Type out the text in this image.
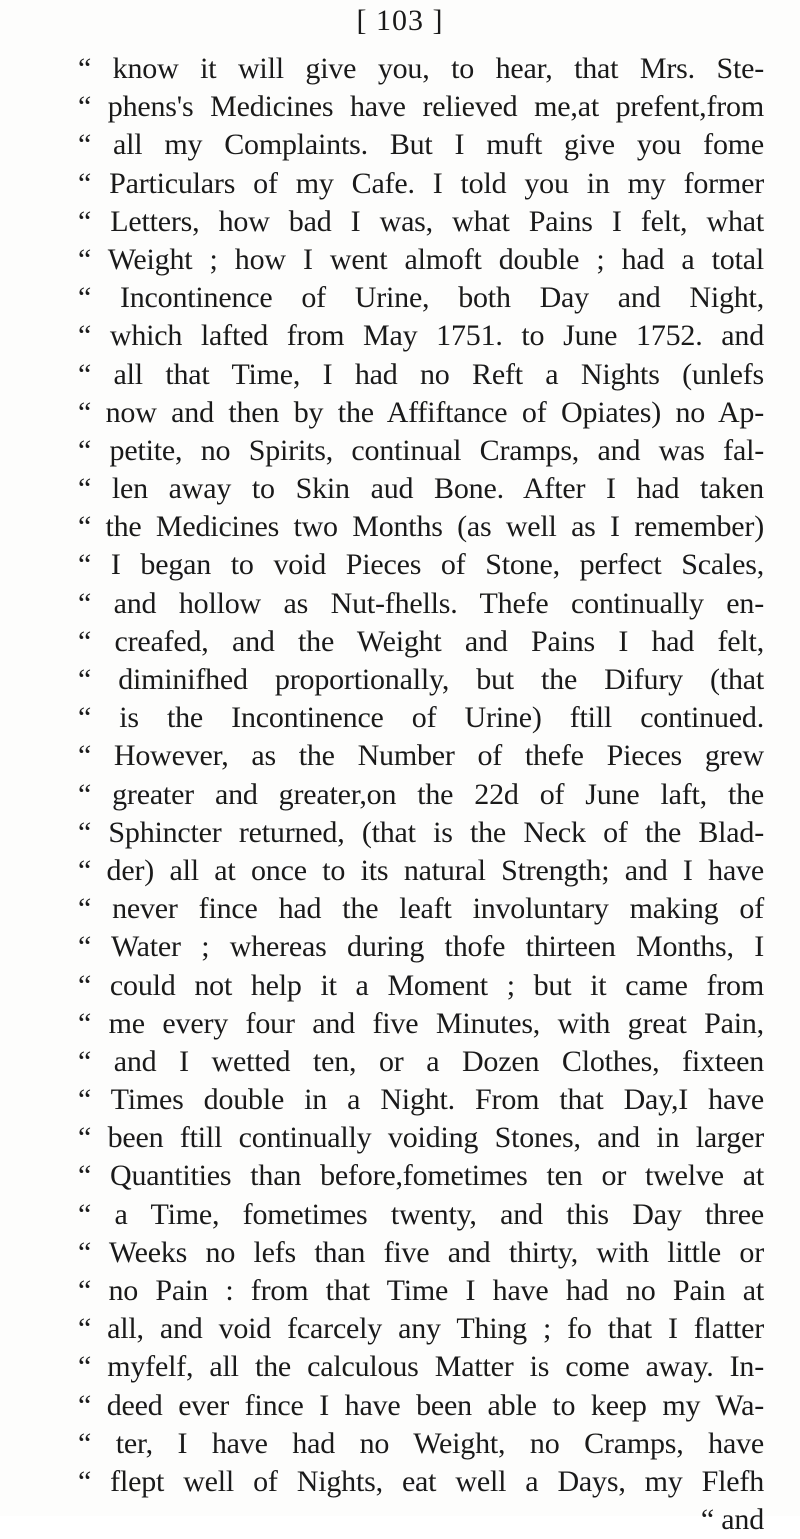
[ 103 ]
“ know it will give you, to hear, that Mrs. Ste-
“ phens's Medicines have relieved me,at prefent,from
“ all my Complaints. But I muft give you fome
“ Particulars of my Cafe. I told you in my former
“ Letters, how bad I was, what Pains I felt, what
“ Weight ; how I went almoft double ; had a total
“ Incontinence of Urine, both Day and Night,
“ which lafted from May 1751. to June 1752. and
“ all that Time, I had no Reft a Nights (unlefs
“ now and then by the Affiftance of Opiates) no Ap-
“ petite, no Spirits, continual Cramps, and was fal-
“ len away to Skin aud Bone. After I had taken
“ the Medicines two Months (as well as I remember)
“ I began to void Pieces of Stone, perfect Scales,
“ and hollow as Nut-fhells. Thefe continually en-
“ creafed, and the Weight and Pains I had felt,
“ diminifhed proportionally, but the Difury (that
“ is the Incontinence of Urine) ftill continued.
“ However, as the Number of thefe Pieces grew
“ greater and greater,on the 22d of June laft, the
“ Sphincter returned, (that is the Neck of the Blad-
“ der) all at once to its natural Strength; and I have
“ never fince had the leaft involuntary making of
“ Water ; whereas during thofe thirteen Months, I
“ could not help it a Moment ; but it came from
“ me every four and five Minutes, with great Pain,
“ and I wetted ten, or a Dozen Clothes, fixteen
“ Times double in a Night. From that Day,I have
“ been ftill continually voiding Stones, and in larger
“ Quantities than before,fometimes ten or twelve at
“ a Time, fometimes twenty, and this Day three
“ Weeks no lefs than five and thirty, with little or
“ no Pain : from that Time I have had no Pain at
“ all, and void fcarcely any Thing ; fo that I flatter
“ myfelf, all the calculous Matter is come away. In-
“ deed ever fince I have been able to keep my Wa-
“ ter, I have had no Weight, no Cramps, have
“ flept well of Nights, eat well a Days, my Flefh
“ and
